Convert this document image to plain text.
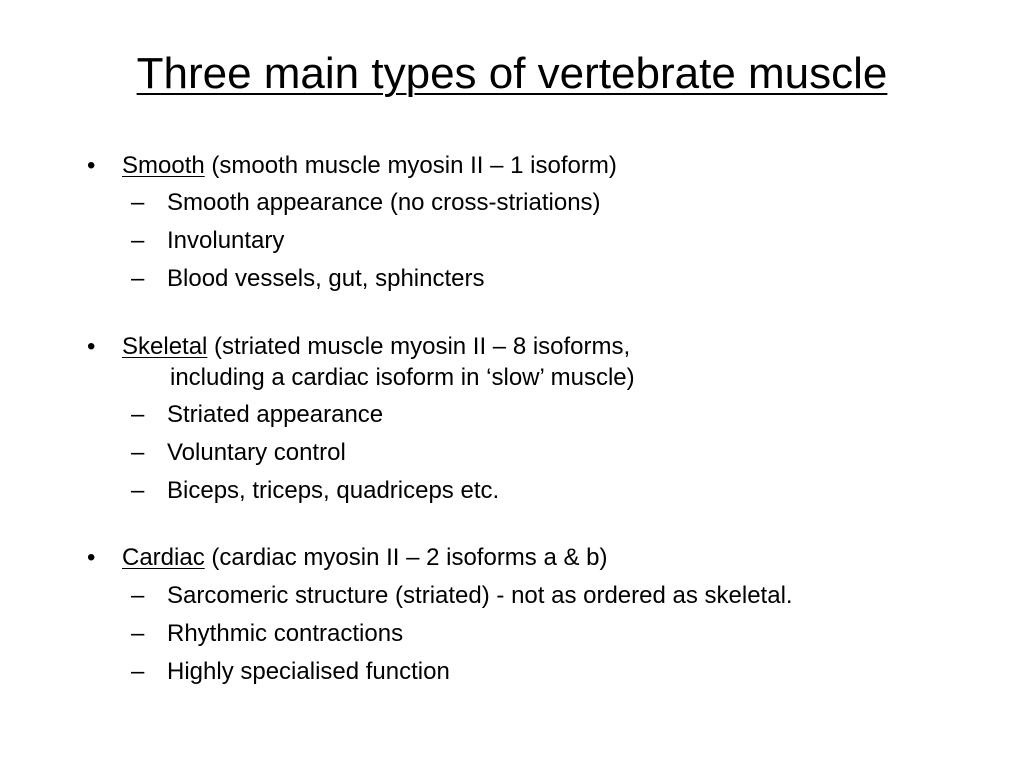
Three main types of vertebrate muscle
• Smooth (smooth muscle myosin II – 1 isoform)
– Smooth appearance (no cross-striations)
– Involuntary
– Blood vessels, gut, sphincters
• Skeletal (striated muscle myosin II – 8 isoforms,
including a cardiac isoform in ‘slow’ muscle)
– Striated appearance
– Voluntary control
– Biceps, triceps, quadriceps etc.
• Cardiac (cardiac myosin II – 2 isoforms a & b)
– Sarcomeric structure (striated) - not as ordered as skeletal.
– Rhythmic contractions
– Highly specialised function
